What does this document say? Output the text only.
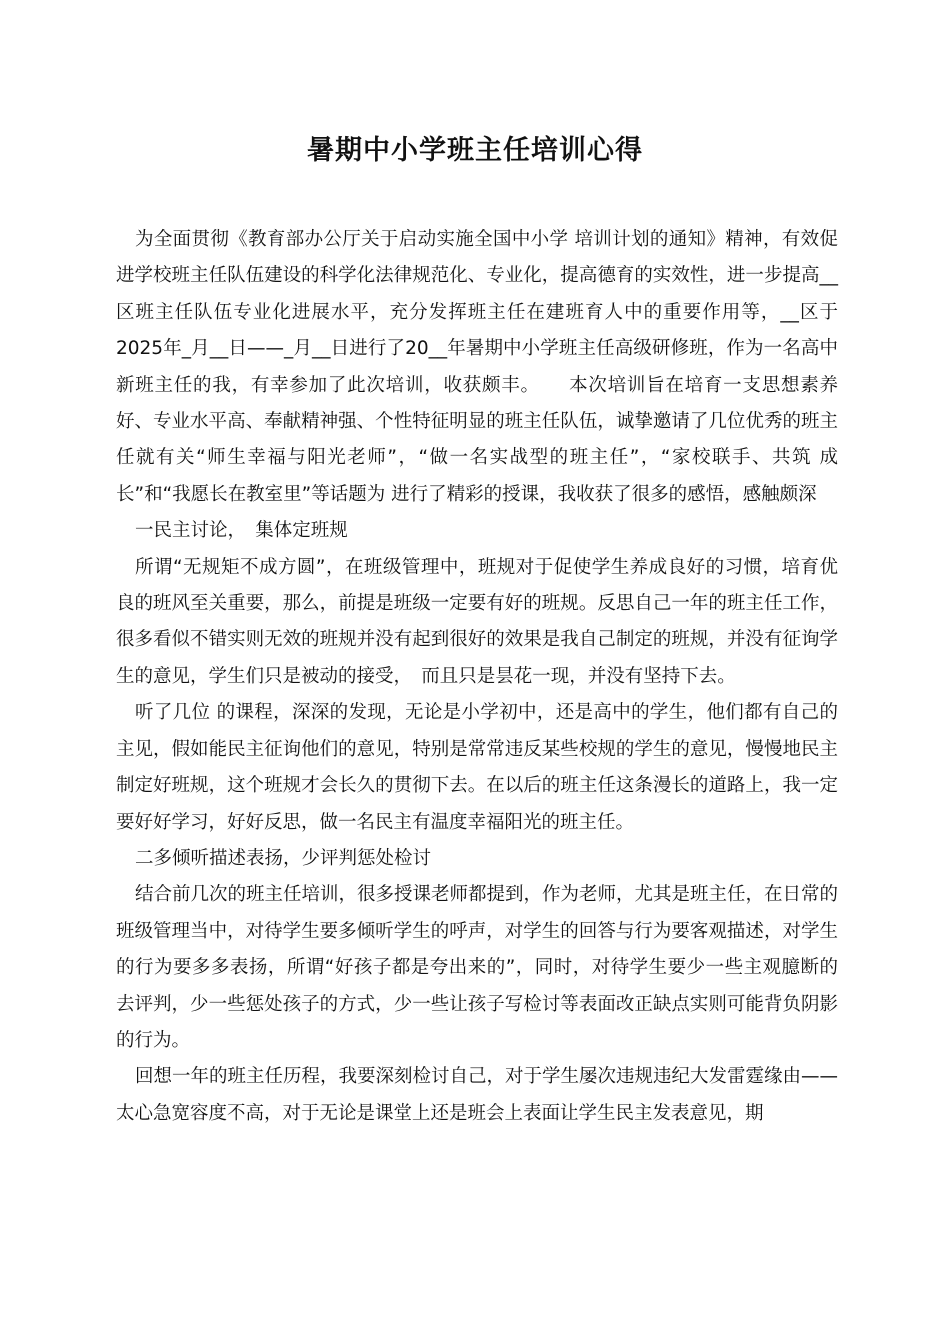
暑期中小学班主任培训心得

为全面贯彻《教育部办公厅关于启动实施全国中小学 培训计划的通知》精神，有效促进学校班主任队伍建设的科学化法律规范化、专业化，提高德育的实效性，进一步提高__区班主任队伍专业化进展水平，充分发挥班主任在建班育人中的重要作用等，__区于2025年_月__日——_月__日进行了20__年暑期中小学班主任高级研修班，作为一名高中新班主任的我，有幸参加了此次培训，收获颇丰。　　本次培训旨在培育一支思想素养好、专业水平高、奉献精神强、个性特征明显的班主任队伍，诚挚邀请了几位优秀的班主任就有关“师生幸福与阳光老师”，“做一名实战型的班主任”，“家校联手、共筑 成长”和“我愿长在教室里”等话题为 进行了精彩的授课，我收获了很多的感悟，感触颇深

一民主讨论，　集体定班规

所谓“无规矩不成方圆”，在班级管理中，班规对于促使学生养成良好的习惯，培育优良的班风至关重要，那么，前提是班级一定要有好的班规。反思自己一年的班主任工作，很多看似不错实则无效的班规并没有起到很好的效果是我自己制定的班规，并没有征询学生的意见，学生们只是被动的接受，　而且只是昙花一现，并没有坚持下去。

听了几位 的课程，深深的发现，无论是小学初中，还是高中的学生，他们都有自己的主见，假如能民主征询他们的意见，特别是常常违反某些校规的学生的意见，慢慢地民主制定好班规，这个班规才会长久的贯彻下去。在以后的班主任这条漫长的道路上，我一定要好好学习，好好反思，做一名民主有温度幸福阳光的班主任。

二多倾听描述表扬，少评判惩处检讨

结合前几次的班主任培训，很多授课老师都提到，作为老师，尤其是班主任，在日常的班级管理当中，对待学生要多倾听学生的呼声，对学生的回答与行为要客观描述，对学生的行为要多多表扬，所谓“好孩子都是夸出来的”，同时，对待学生要少一些主观臆断的去评判，少一些惩处孩子的方式，少一些让孩子写检讨等表面改正缺点实则可能背负阴影的行为。

回想一年的班主任历程，我要深刻检讨自己，对于学生屡次违规违纪大发雷霆缘由—— 太心急宽容度不高，对于无论是课堂上还是班会上表面让学生民主发表意见，期
